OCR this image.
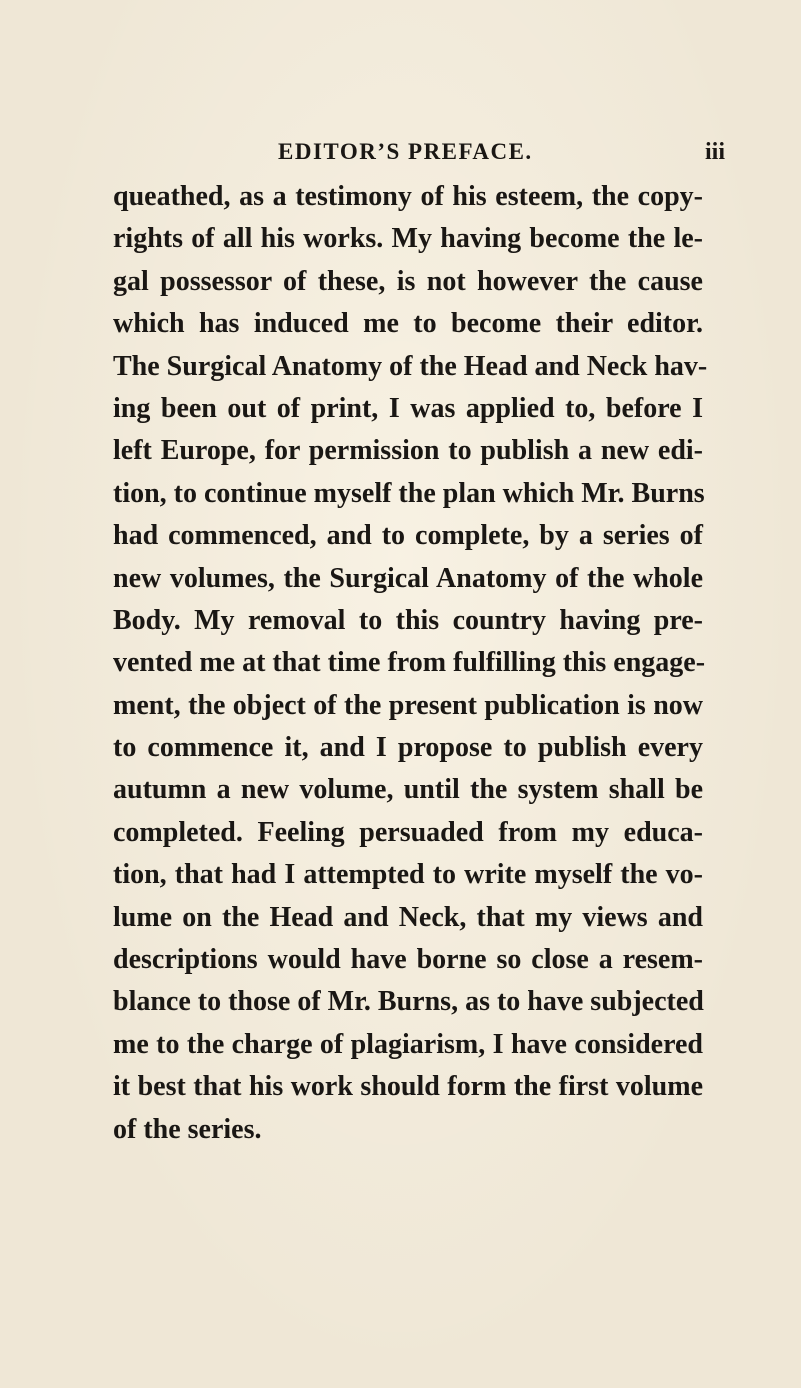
EDITOR’S PREFACE.	iii
queathed, as a testimony of his esteem, the copy-
rights of all his works. My having become the le-
gal possessor of these, is not however the cause
which has induced me to become their editor.
The Surgical Anatomy of the Head and Neck hav-
ing been out of print, I was applied to, before I
left Europe, for permission to publish a new edi-
tion, to continue myself the plan which Mr. Burns
had commenced, and to complete, by a series of
new volumes, the Surgical Anatomy of the whole
Body. My removal to this country having pre-
vented me at that time from fulfilling this engage-
ment, the object of the present publication is now
to commence it, and I propose to publish every
autumn a new volume, until the system shall be
completed. Feeling persuaded from my educa-
tion, that had I attempted to write myself the vo-
lume on the Head and Neck, that my views and
descriptions would have borne so close a resem-
blance to those of Mr. Burns, as to have subjected
me to the charge of plagiarism, I have considered
it best that his work should form the first volume
of the series.
